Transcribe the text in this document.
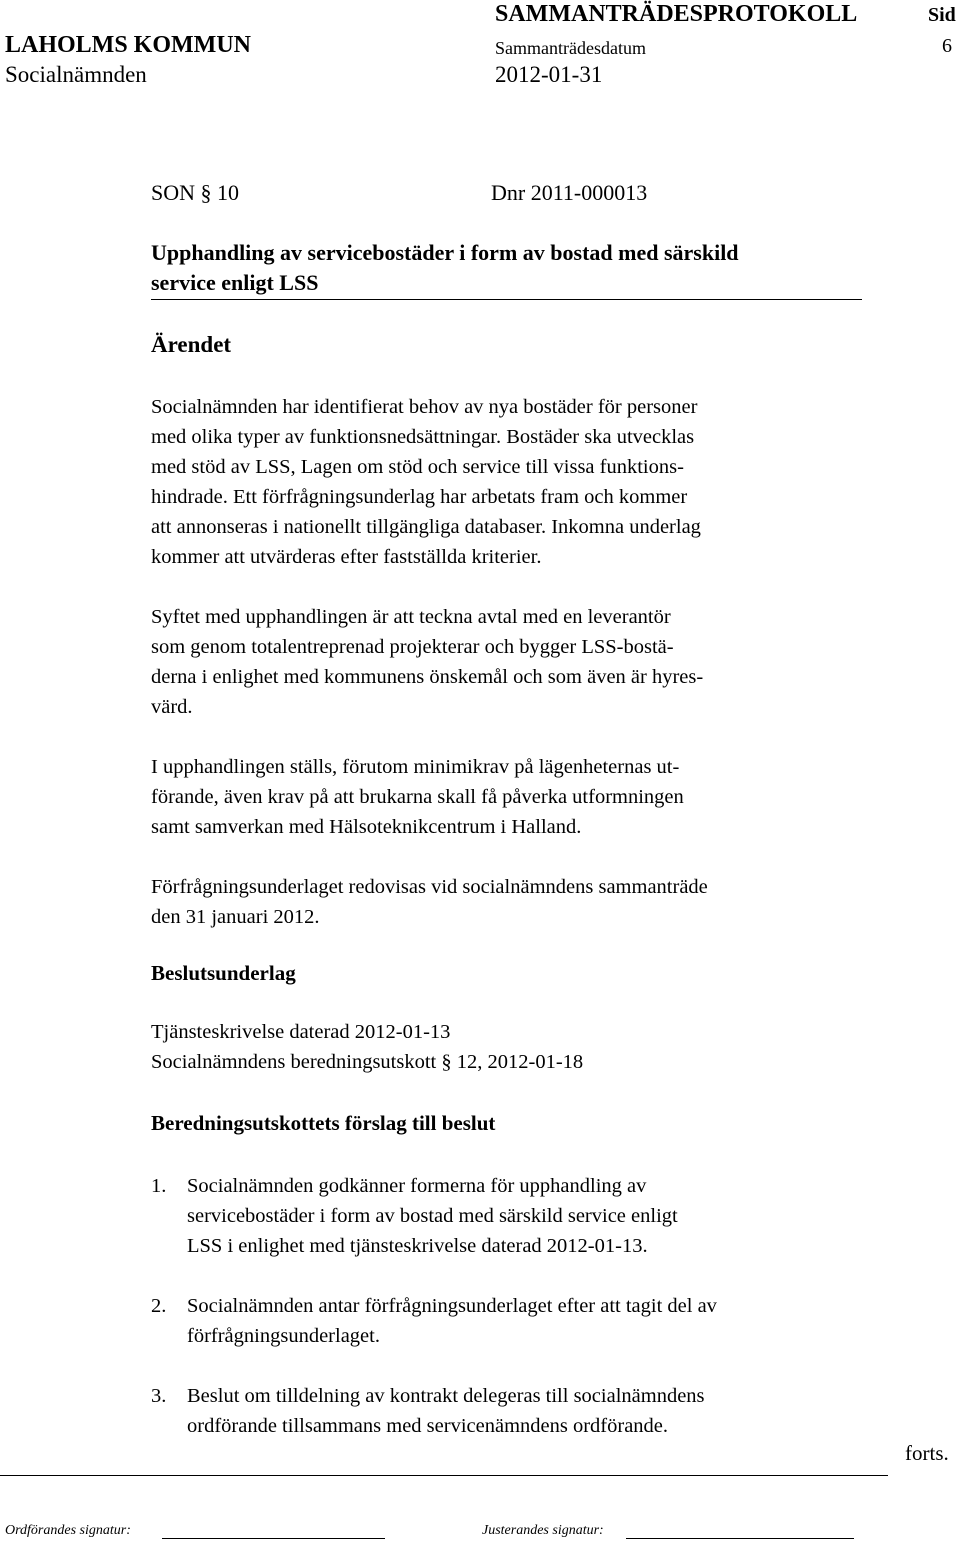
SAMMANTRÄDESPROTOKOLL	Sid
LAHOLMS KOMMUN	Sammanträdesdatum	6
Socialnämnden	2012-01-31
SON § 10	Dnr 2011-000013
Upphandling av servicebostäder i form av bostad med särskild
service enligt LSS
Ärendet

Socialnämnden har identifierat behov av nya bostäder för personer

med olika typer av funktionsnedsättningar. Bostäder ska utvecklas

med stöd av LSS, Lagen om stöd och service till vissa funktions-

hindrade. Ett förfrågningsunderlag har arbetats fram och kommer

att annonseras i nationellt tillgängliga databaser. Inkomna underlag

kommer att utvärderas efter fastställda kriterier.

Syftet med upphandlingen är att teckna avtal med en leverantör

som genom totalentreprenad projekterar och bygger LSS-bostä-

derna i enlighet med kommunens önskemål och som även är hyres-

värd.

I upphandlingen ställs, förutom minimikrav på lägenheternas ut-

förande, även krav på att brukarna skall få påverka utformningen

samt samverkan med Hälsoteknikcentrum i Halland.

Förfrågningsunderlaget redovisas vid socialnämndens sammanträde

den 31 januari 2012.

Beslutsunderlag
Tjänsteskrivelse daterad 2012-01-13
Socialnämndens beredningsutskott § 12, 2012-01-18
Beredningsutskottets förslag till beslut
1. Socialnämnden godkänner formerna för upphandling av
servicebostäder i form av bostad med särskild service enligt
LSS i enlighet med tjänsteskrivelse daterad 2012-01-13.
2. Socialnämnden antar förfrågningsunderlaget efter att tagit del av
förfrågningsunderlaget.
3. Beslut om tilldelning av kontrakt delegeras till socialnämndens
ordförande tillsammans med servicenämndens ordförande.
forts.
Ordförandes signatur:	Justerandes signatur:
